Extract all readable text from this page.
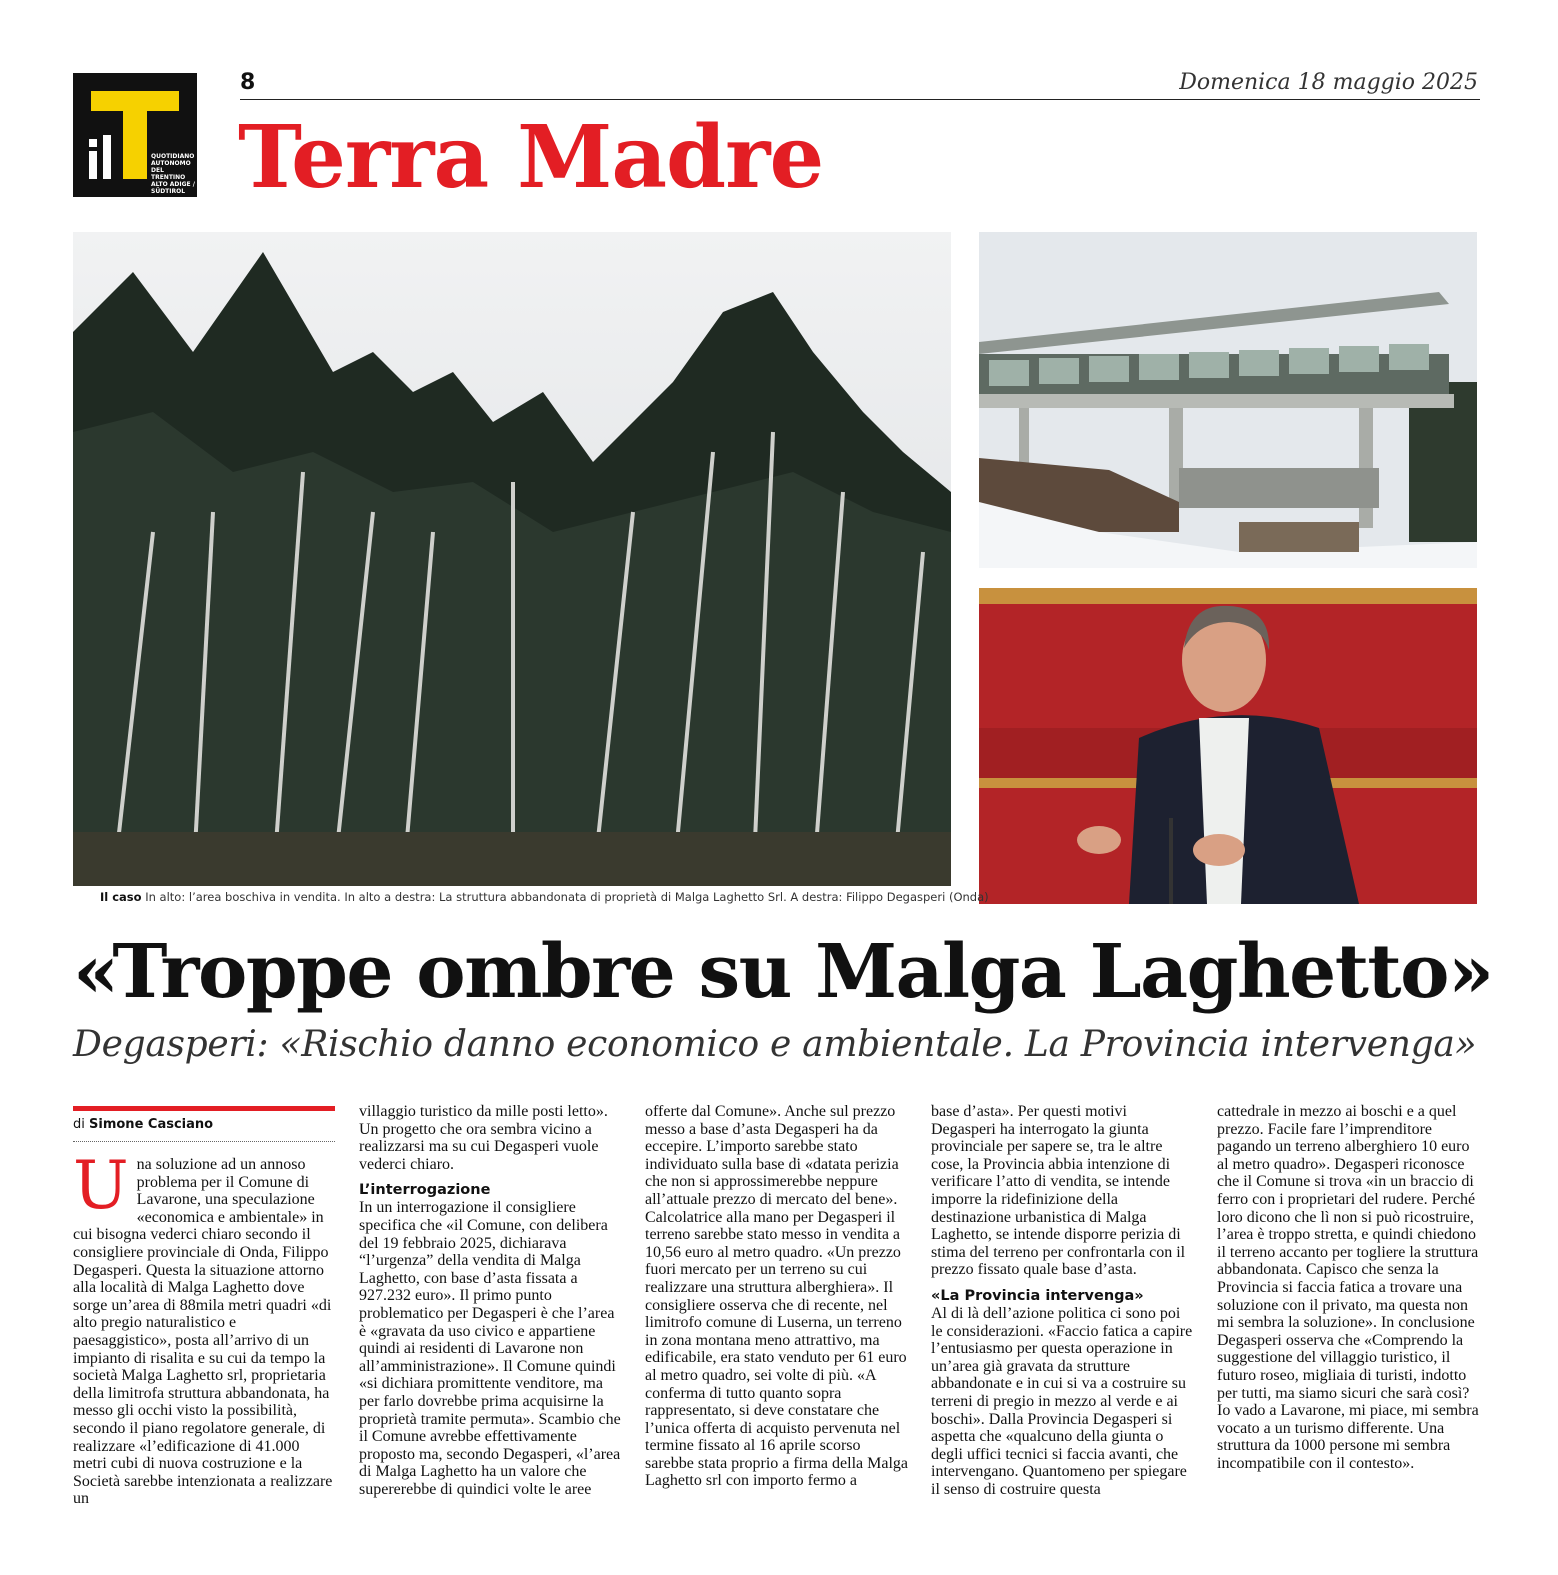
QUOTIDIANO AUTONOMO DEL TRENTINO ALTO ADIGE / SÜDTIROL
8	Domenica 18 maggio 2025
Terra Madre
Il caso In alto: l’area boschiva in vendita. In alto a destra: La struttura abbandonata di proprietà di Malga Laghetto Srl. A destra: Filippo Degasperi (Onda)
«Troppe ombre su Malga Laghetto»
Degasperi: «Rischio danno economico e ambientale. La Provincia intervenga»
di Simone Casciano
U na soluzione ad un annoso problema per il Comune di Lavarone, una speculazione «economica e ambientale» in cui bisogna vederci chiaro secondo il consigliere provinciale di Onda, Filippo Degasperi. Questa la situazione attorno alla località di Malga Laghetto dove sorge un’area di 88mila metri quadri «di alto pregio naturalistico e paesaggistico», posta all’arrivo di un impianto di risalita e su cui da tempo la società Malga Laghetto srl, proprietaria della limitrofa struttura abbandonata, ha messo gli occhi visto la possibilità, secondo il piano regolatore generale, di realizzare «l’edificazione di 41.000 metri cubi di nuova costruzione e la Società sarebbe intenzionata a realizzare un

villaggio turistico da mille posti letto». Un progetto che ora sembra vicino a realizzarsi ma su cui Degasperi vuole vederci chiaro.

L’interrogazione

In un interrogazione il consigliere specifica che «il Comune, con delibera del 19 febbraio 2025, dichiarava “l’urgenza” della vendita di Malga Laghetto, con base d’asta fissata a 927.232 euro». Il primo punto problematico per Degasperi è che l’area è «gravata da uso civico e appartiene quindi ai residenti di Lavarone non all’amministrazione». Il Comune quindi «si dichiara promittente venditore, ma per farlo dovrebbe prima acquisirne la proprietà tramite permuta». Scambio che il Comune avrebbe effettivamente proposto ma, secondo Degasperi, «l’area di Malga Laghetto ha un valore che supererebbe di quindici volte le aree

offerte dal Comune». Anche sul prezzo messo a base d’asta Degasperi ha da eccepire. L’importo sarebbe stato individuato sulla base di «datata perizia che non si approssimerebbe neppure all’attuale prezzo di mercato del bene». Calcolatrice alla mano per Degasperi il terreno sarebbe stato messo in vendita a 10,56 euro al metro quadro. «Un prezzo fuori mercato per un terreno su cui realizzare una struttura alberghiera». Il consigliere osserva che di recente, nel limitrofo comune di Luserna, un terreno in zona montana meno attrattivo, ma edificabile, era stato venduto per 61 euro al metro quadro, sei volte di più. «A conferma di tutto quanto sopra rappresentato, si deve constatare che l’unica offerta di acquisto pervenuta nel termine fissato al 16 aprile scorso sarebbe stata proprio a firma della Malga Laghetto srl con importo fermo a

base d’asta». Per questi motivi Degasperi ha interrogato la giunta provinciale per sapere se, tra le altre cose, la Provincia abbia intenzione di verificare l’atto di vendita, se intende imporre la ridefinizione della destinazione urbanistica di Malga Laghetto, se intende disporre perizia di stima del terreno per confrontarla con il prezzo fissato quale base d’asta.

«La Provincia intervenga»

Al di là dell’azione politica ci sono poi le considerazioni. «Faccio fatica a capire l’entusiasmo per questa operazione in un’area già gravata da strutture abbandonate e in cui si va a costruire su terreni di pregio in mezzo al verde e ai boschi». Dalla Provincia Degasperi si aspetta che «qualcuno della giunta o degli uffici tecnici si faccia avanti, che intervengano. Quantomeno per spiegare il senso di costruire questa

cattedrale in mezzo ai boschi e a quel prezzo. Facile fare l’imprenditore pagando un terreno alberghiero 10 euro al metro quadro». Degasperi riconosce che il Comune si trova «in un braccio di ferro con i proprietari del rudere. Perché loro dicono che lì non si può ricostruire, l’area è troppo stretta, e quindi chiedono il terreno accanto per togliere la struttura abbandonata. Capisco che senza la Provincia si faccia fatica a trovare una soluzione con il privato, ma questa non mi sembra la soluzione». In conclusione Degasperi osserva che «Comprendo la suggestione del villaggio turistico, il futuro roseo, migliaia di turisti, indotto per tutti, ma siamo sicuri che sarà così? Io vado a Lavarone, mi piace, mi sembra vocato a un turismo differente. Una struttura da 1000 persone mi sembra incompatibile con il contesto».
